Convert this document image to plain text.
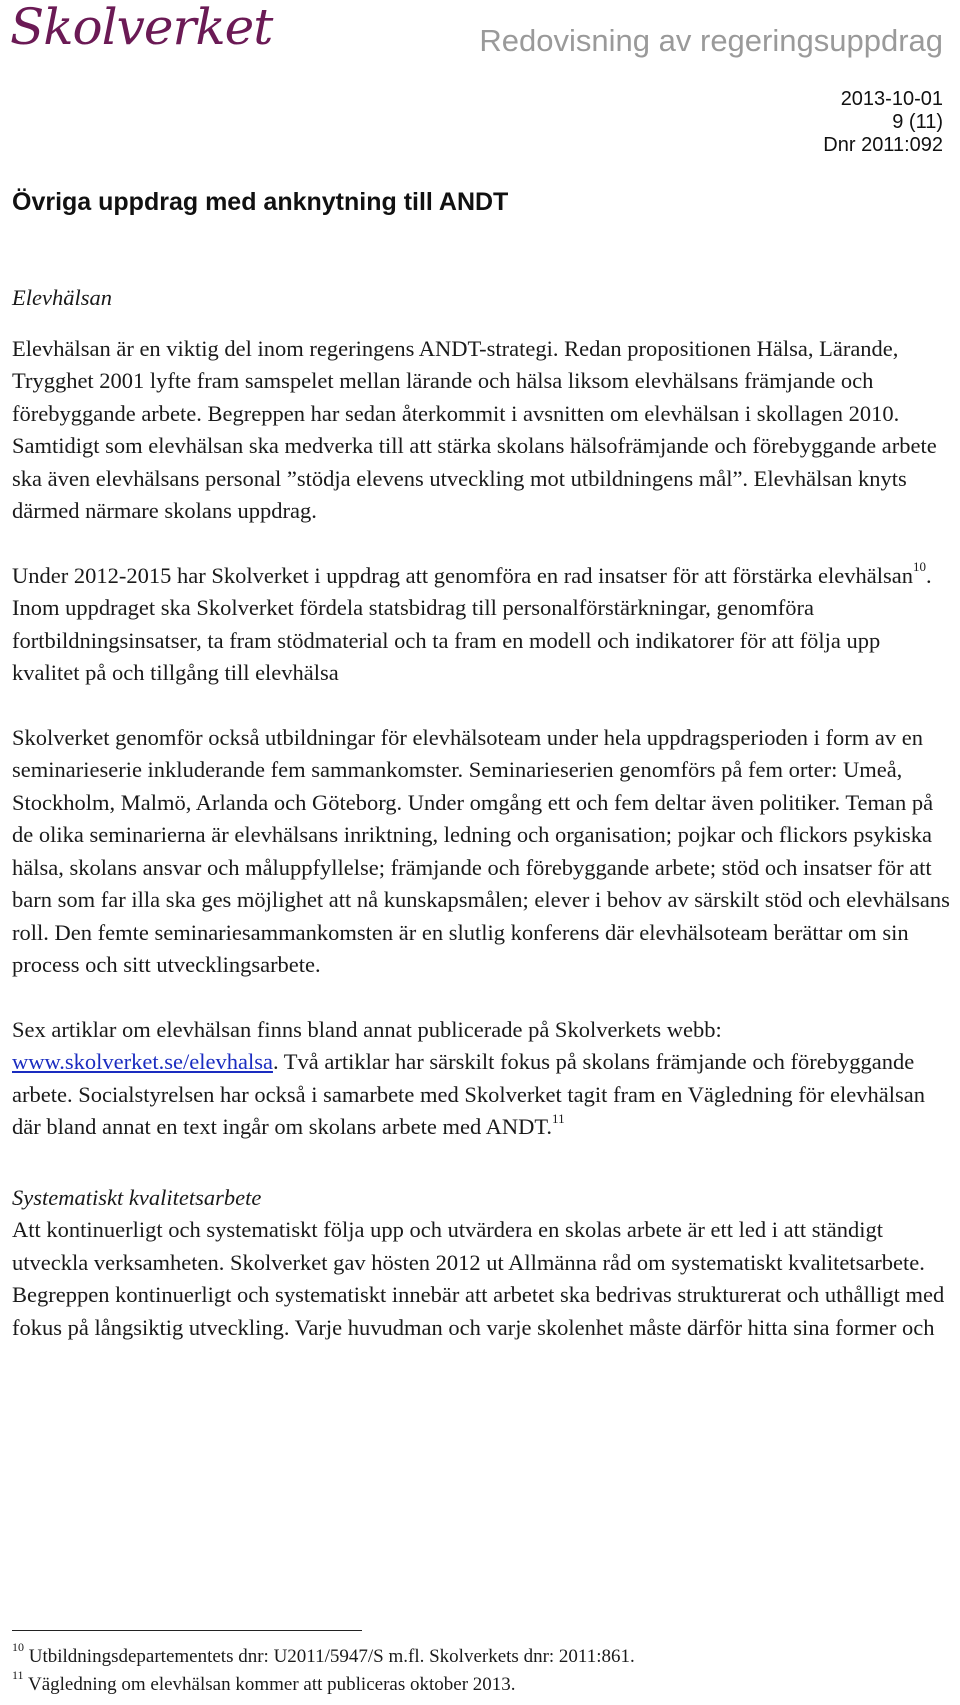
Skolverket	Redovisning av regeringsuppdrag
2013-10-01
9 (11)
Dnr 2011:092
Övriga uppdrag med anknytning till ANDT

Elevhälsan

Elevhälsan är en viktig del inom regeringens ANDT-strategi. Redan propositionen Hälsa, Lärande, Trygghet 2001 lyfte fram samspelet mellan lärande och hälsa liksom elevhälsans främjande och förebyggande arbete. Begreppen har sedan återkommit i avsnitten om elevhälsan i skollagen 2010. Samtidigt som elevhälsan ska medverka till att stärka skolans hälsofrämjande och förebyggande arbete ska även elevhälsans personal ”stödja elevens utveckling mot utbildningens mål”. Elevhälsan knyts därmed närmare skolans uppdrag.

Under 2012-2015 har Skolverket i uppdrag att genomföra en rad insatser för att förstärka elevhälsan$^{10}$. Inom uppdraget ska Skolverket fördela statsbidrag till personalförstärkningar, genomföra fortbildningsinsatser, ta fram stödmaterial och ta fram en modell och indikatorer för att följa upp kvalitet på och tillgång till elevhälsa

Skolverket genomför också utbildningar för elevhälsoteam under hela uppdragsperioden i form av en seminarieserie inkluderande fem sammankomster. Seminarieserien genomförs på fem orter: Umeå, Stockholm, Malmö, Arlanda och Göteborg. Under omgång ett och fem deltar även politiker. Teman på de olika seminarierna är elevhälsans inriktning, ledning och organisation; pojkar och flickors psykiska hälsa, skolans ansvar och måluppfyllelse; främjande och förebyggande arbete; stöd och insatser för att barn som far illa ska ges möjlighet att nå kunskapsmålen; elever i behov av särskilt stöd och elevhälsans roll. Den femte seminariesammankomsten är en slutlig konferens där elevhälsoteam berättar om sin process och sitt utvecklingsarbete.

Sex artiklar om elevhälsan finns bland annat publicerade på Skolverkets webb: www.skolverket.se/elevhalsa. Två artiklar har särskilt fokus på skolans främjande och förebyggande arbete. Socialstyrelsen har också i samarbete med Skolverket tagit fram en Vägledning för elevhälsan där bland annat en text ingår om skolans arbete med ANDT.$^{11}$

Systematiskt kvalitetsarbete

Att kontinuerligt och systematiskt följa upp och utvärdera en skolas arbete är ett led i att ständigt utveckla verksamheten. Skolverket gav hösten 2012 ut Allmänna råd om systematiskt kvalitetsarbete. Begreppen kontinuerligt och systematiskt innebär att arbetet ska bedrivas strukturerat och uthålligt med fokus på långsiktig utveckling. Varje huvudman och varje skolenhet måste därför hitta sina former och

$^{10}$ Utbildningsdepartementets dnr: U2011/5947/S m.fl. Skolverkets dnr: 2011:861.

$^{11}$ Vägledning om elevhälsan kommer att publiceras oktober 2013.
